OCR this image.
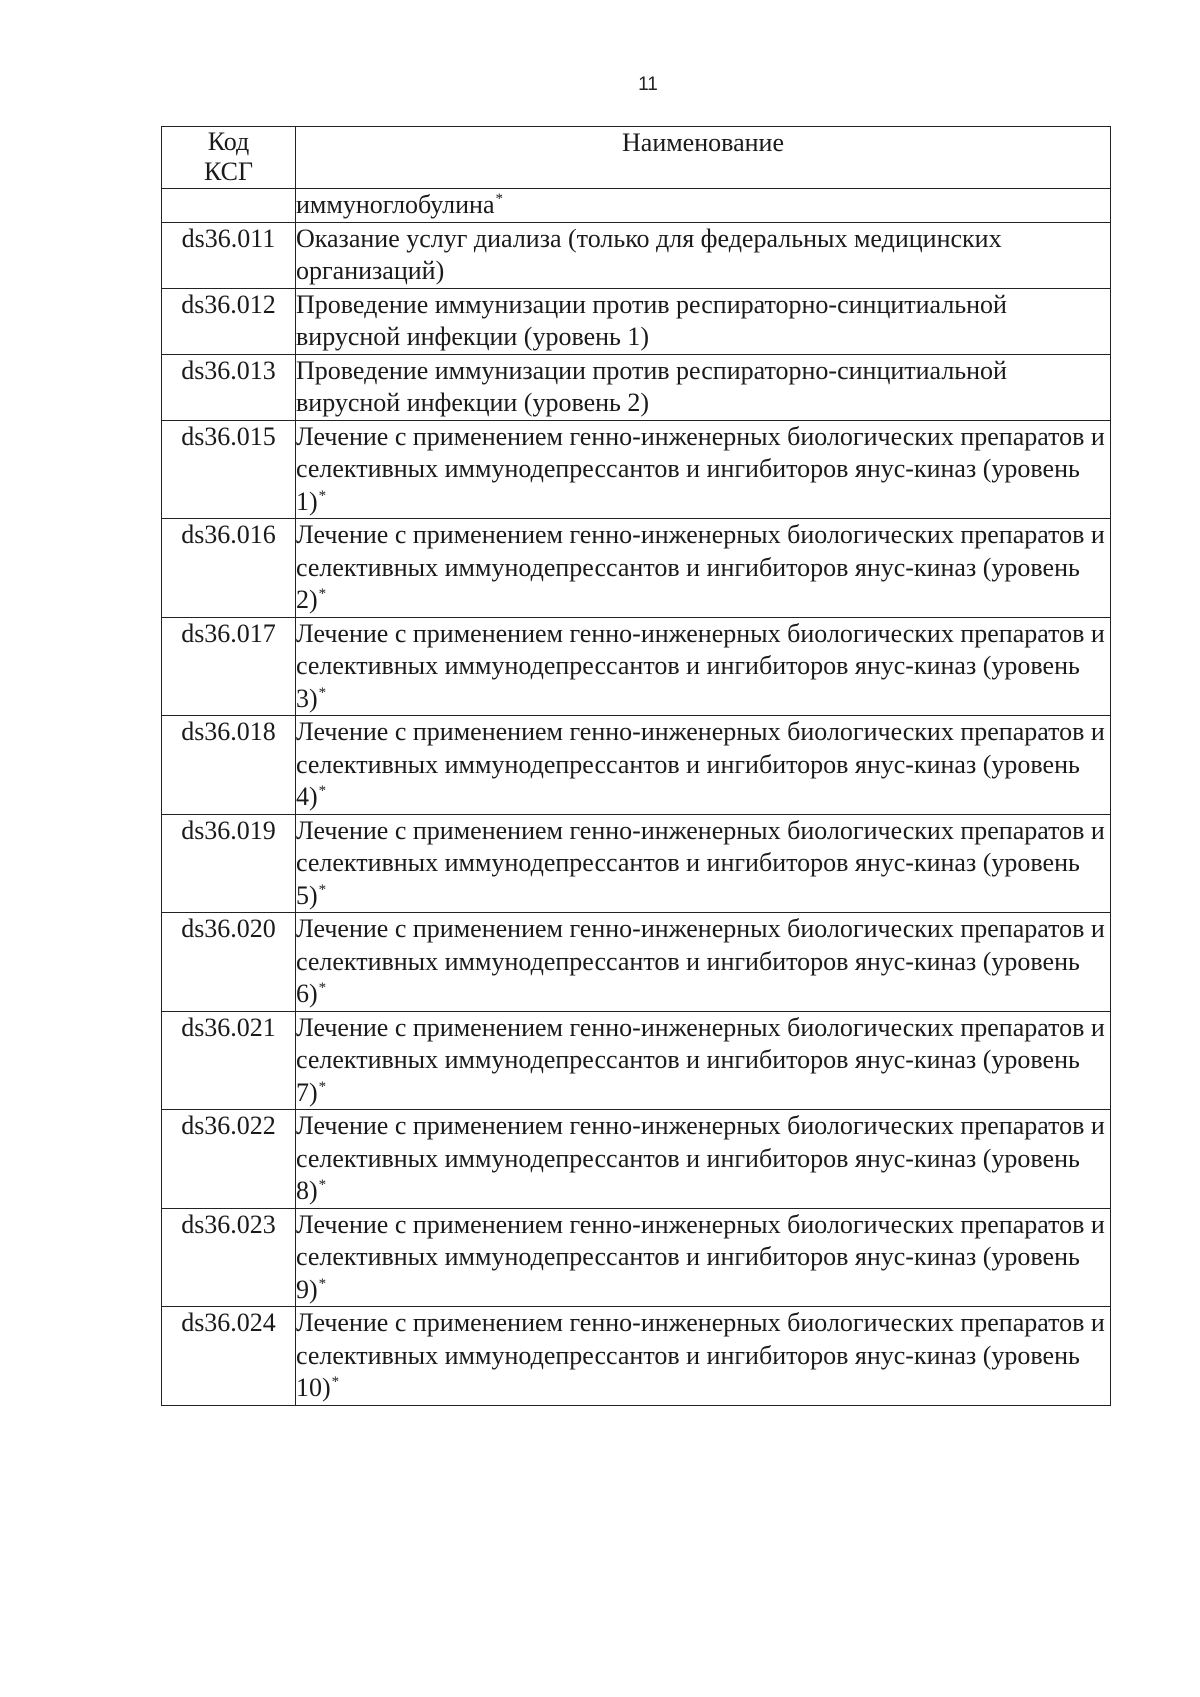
11
Код
КСГ	Наименование
	иммуноглобулина*
ds36.011	Оказание услуг диализа (только для федеральных медицинских организаций)
ds36.012	Проведение иммунизации против респираторно-синцитиальной вирусной инфекции (уровень 1)
ds36.013	Проведение иммунизации против респираторно-синцитиальной вирусной инфекции (уровень 2)
ds36.015	Лечение с применением генно-инженерных биологических препаратов и селективных иммунодепрессантов и ингибиторов янус-киназ (уровень 1)*
ds36.016	Лечение с применением генно-инженерных биологических препаратов и селективных иммунодепрессантов и ингибиторов янус-киназ (уровень 2)*
ds36.017	Лечение с применением генно-инженерных биологических препаратов и селективных иммунодепрессантов и ингибиторов янус-киназ (уровень 3)*
ds36.018	Лечение с применением генно-инженерных биологических препаратов и селективных иммунодепрессантов и ингибиторов янус-киназ (уровень 4)*
ds36.019	Лечение с применением генно-инженерных биологических препаратов и селективных иммунодепрессантов и ингибиторов янус-киназ (уровень 5)*
ds36.020	Лечение с применением генно-инженерных биологических препаратов и селективных иммунодепрессантов и ингибиторов янус-киназ (уровень 6)*
ds36.021	Лечение с применением генно-инженерных биологических препаратов и селективных иммунодепрессантов и ингибиторов янус-киназ (уровень 7)*
ds36.022	Лечение с применением генно-инженерных биологических препаратов и селективных иммунодепрессантов и ингибиторов янус-киназ (уровень 8)*
ds36.023	Лечение с применением генно-инженерных биологических препаратов и селективных иммунодепрессантов и ингибиторов янус-киназ (уровень 9)*
ds36.024	Лечение с применением генно-инженерных биологических препаратов и селективных иммунодепрессантов и ингибиторов янус-киназ (уровень 10)*
